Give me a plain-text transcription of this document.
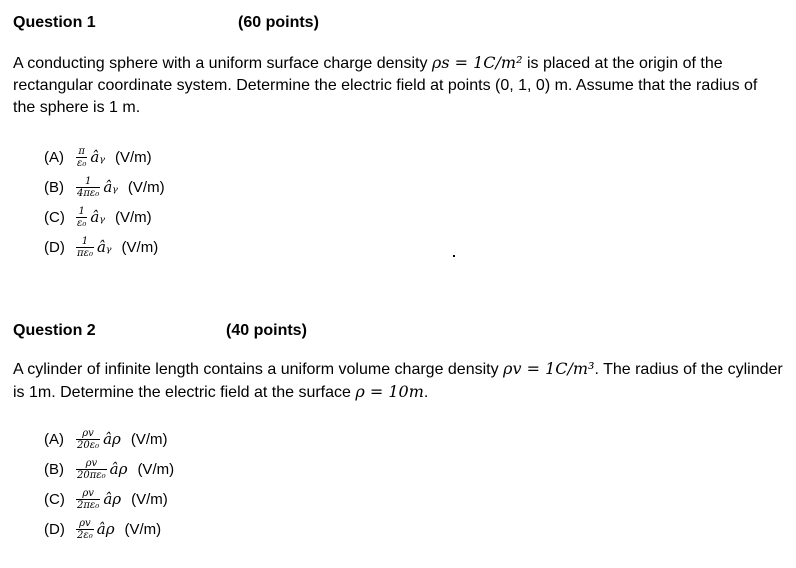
Question 1	(60 points)
A conducting sphere with a uniform surface charge density ρs = 1C/m² is placed at the origin of the rectangular coordinate system. Determine the electric field at points (0, 1, 0) m. Assume that the radius of the sphere is 1 m.
(A)	$\frac{\pi}{\text{ε₀}}$ âᵧ (V/m)
(B)	$\frac{1}{\text{4πε₀}}$ âᵧ (V/m)
(C)	$\frac{1}{\text{ε₀}}$ âᵧ (V/m)
(D)	$\frac{1}{\text{πε₀}}$ âᵧ (V/m)
Question 2	(40 points)
A cylinder of infinite length contains a uniform volume charge density ρv = 1C/m³. The radius of the cylinder is 1m. Determine the electric field at the surface ρ = 10m.
(A)	$\frac{\rho v}{\text{20ε₀}}$ âρ (V/m)
(B)	$\frac{\rho v}{\text{20πε₀}}$ âρ (V/m)
(C)	$\frac{\rho v}{\text{2πε₀}}$ âρ (V/m)
(D)	$\frac{\rho v}{\text{2ε₀}}$ âρ (V/m)
